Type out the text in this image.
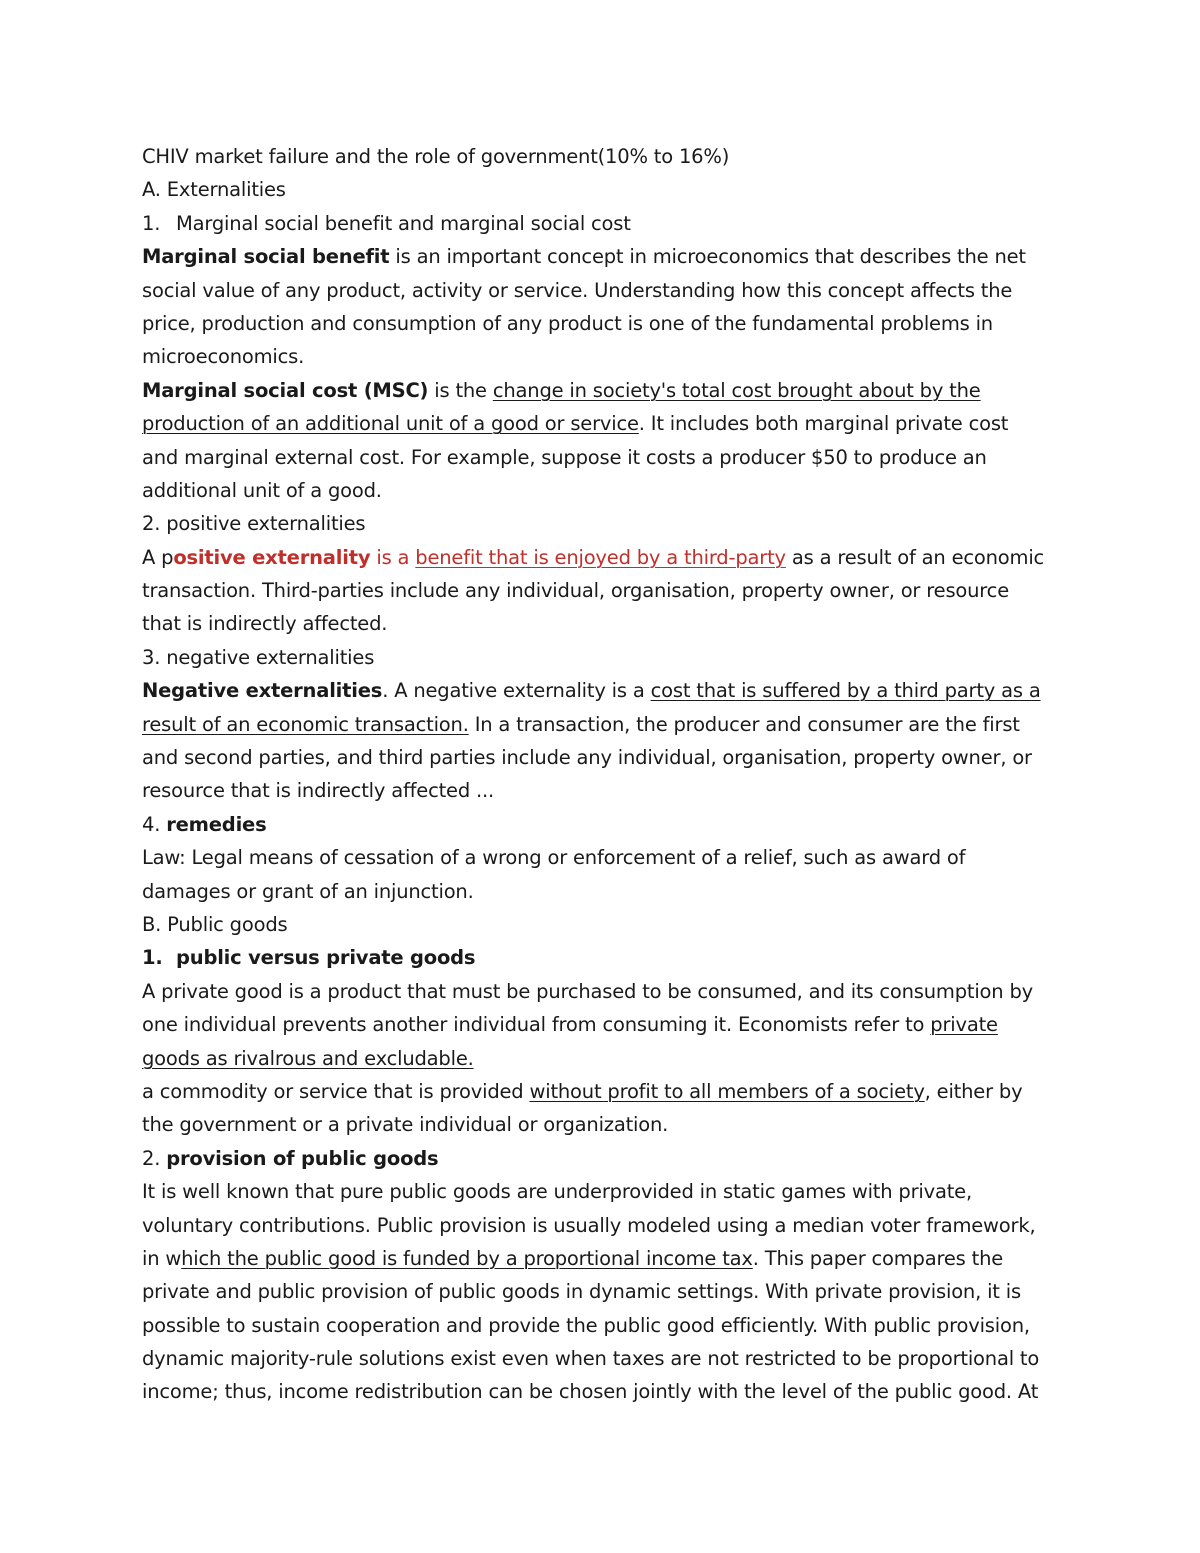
CHIV market failure and the role of government(10% to 16%)
A. Externalities
1. Marginal social benefit and marginal social cost
Marginal social benefit is an important concept in microeconomics that describes the net
social value of any product, activity or service. Understanding how this concept affects the
price, production and consumption of any product is one of the fundamental problems in
microeconomics.
Marginal social cost (MSC) is the change in society's total cost brought about by the
production of an additional unit of a good or service. It includes both marginal private cost
and marginal external cost. For example, suppose it costs a producer $50 to produce an
additional unit of a good.
2. positive externalities
A positive externality is a benefit that is enjoyed by a third-party as a result of an economic
transaction. Third-parties include any individual, organisation, property owner, or resource
that is indirectly affected.
3. negative externalities
Negative externalities. A negative externality is a cost that is suffered by a third party as a
result of an economic transaction. In a transaction, the producer and consumer are the first
and second parties, and third parties include any individual, organisation, property owner, or
resource that is indirectly affected ...
4. remedies
Law: Legal means of cessation of a wrong or enforcement of a relief, such as award of
damages or grant of an injunction.
B. Public goods
1. public versus private goods
A private good is a product that must be purchased to be consumed, and its consumption by
one individual prevents another individual from consuming it. Economists refer to private
goods as rivalrous and excludable.
a commodity or service that is provided without profit to all members of a society, either by
the government or a private individual or organization.
2. provision of public goods
It is well known that pure public goods are underprovided in static games with private,
voluntary contributions. Public provision is usually modeled using a median voter framework,
in which the public good is funded by a proportional income tax. This paper compares the
private and public provision of public goods in dynamic settings. With private provision, it is
possible to sustain cooperation and provide the public good efficiently. With public provision,
dynamic majority-rule solutions exist even when taxes are not restricted to be proportional to
income; thus, income redistribution can be chosen jointly with the level of the public good. At
